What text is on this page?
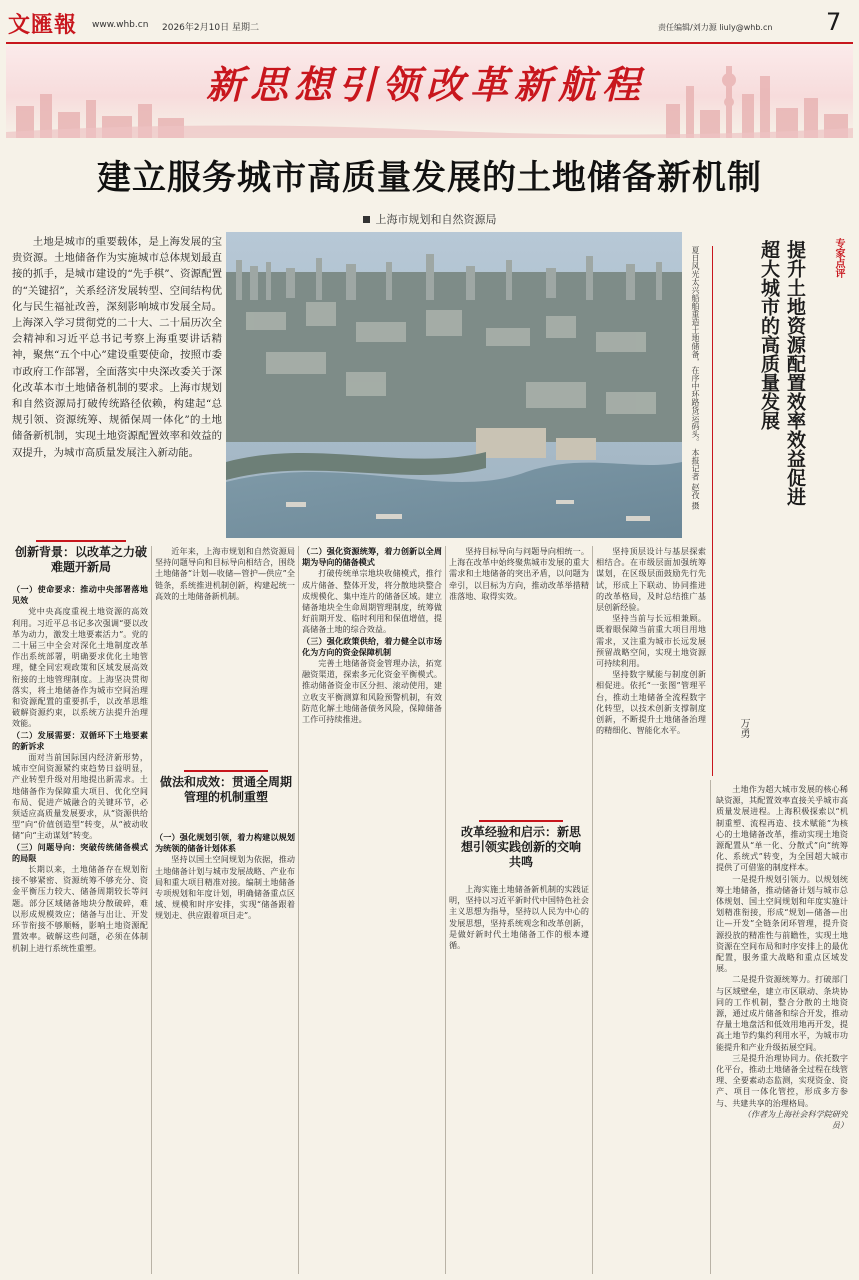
文匯報 www.whb.cn 2026年2月10日 星期二	责任编辑/刘力源 liuly@whb.cn 7
新思想引领改革新航程
建立服务城市高质量发展的土地储备新机制
上海市规划和自然资源局

土地是城市的重要载体，是上海发展的宝贵资源。土地储备作为实施城市总体规划最直接的抓手，是城市建设的“先手棋”、资源配置的“关键招”，关系经济发展转型、空间结构优化与民生福祉改善，深刻影响城市发展全局。上海深入学习贯彻党的二十大、二十届历次全会精神和习近平总书记考察上海重要讲话精神，聚焦“五个中心”建设重要使命，按照市委市政府工作部署，全面落实中央深改委关于深化改革本市土地储备机制的要求。上海市规划和自然资源局打破传统路径依赖，构建起“总规引领、资源统筹、规循保周一体化”的土地储备新机制，实现土地资源配置效率和效益的双提升，为城市高质量发展注入新动能。	夏日风光太兴船舶重造土地储备，在序中环路货运码头。 本报记者 赵孜 摄	专家点评
提升土地资源配置效率效益促进超大城市的高质量发展
万勇
创新背景：以改革之力破难题开新局

（一）使命要求：推动中央部署落地见效

党中央高度重视土地资源的高效利用。习近平总书记多次强调“要以改革为动力，激发土地要素活力”。党的二十届三中全会对深化土地制度改革作出系统部署，明确要求优化土地管理，健全同宏观政策和区域发展高效衔接的土地管理制度。上海坚决贯彻落实，将土地储备作为城市空间治理和资源配置的重要抓手，以改革思维破解资源约束，以系统方法提升治理效能。

（二）发展需要：双循环下土地要素的新诉求

面对当前国际国内经济新形势，城市空间资源紧约束趋势日益明显，产业转型升级对用地提出新需求。土地储备作为保障重大项目、优化空间布局、促进产城融合的关键环节，必须适应高质量发展要求，从“资源供给型”向“价值创造型”转变，从“被动收储”向“主动谋划”转变。

（三）问题导向：突破传统储备模式的局限

长期以来，土地储备存在规划衔接不够紧密、资源统筹不够充分、资金平衡压力较大、储备周期较长等问题。部分区域储备地块分散破碎，难以形成规模效应；储备与出让、开发环节衔接不够顺畅，影响土地资源配置效率。破解这些问题，必须在体制机制上进行系统性重塑。

近年来，上海市规划和自然资源局坚持问题导向和目标导向相结合，围绕土地储备“计划—收储—管护—供应”全链条，系统推进机制创新，构建起统一高效的土地储备新机制。

做法和成效：贯通全周期管理的机制重塑

（一）强化规划引领，着力构建以规划为统领的储备计划体系

坚持以国土空间规划为依据，推动土地储备计划与城市发展战略、产业布局和重大项目精准对接。编制土地储备专项规划和年度计划，明确储备重点区域、规模和时序安排，实现“储备跟着规划走、供应跟着项目走”。

（二）强化资源统筹，着力创新以全周期为导向的储备模式

打破传统单宗地块收储模式，推行成片储备、整体开发，将分散地块整合成规模化、集中连片的储备区域。建立储备地块全生命周期管理制度，统筹做好前期开发、临时利用和保值增值，提高储备土地的综合效益。

（三）强化政策供给，着力健全以市场化为方向的资金保障机制

完善土地储备资金管理办法，拓宽融资渠道，探索多元化资金平衡模式。推动储备资金市区分担、滚动使用，建立收支平衡测算和风险预警机制，有效防范化解土地储备债务风险，保障储备工作可持续推进。

坚持目标导向与问题导向相统一。上海在改革中始终聚焦城市发展的重大需求和土地储备的突出矛盾，以问题为牵引，以目标为方向，推动改革举措精准落地、取得实效。

改革经验和启示：新思想引领实践创新的交响共鸣

上海实施土地储备新机制的实践证明，坚持以习近平新时代中国特色社会主义思想为指导，坚持以人民为中心的发展思想，坚持系统观念和改革创新，是做好新时代土地储备工作的根本遵循。

坚持顶层设计与基层探索相结合。在市级层面加强统筹谋划，在区级层面鼓励先行先试，形成上下联动、协同推进的改革格局，及时总结推广基层创新经验。

坚持当前与长远相兼顾。既着眼保障当前重大项目用地需求，又注重为城市长远发展预留战略空间，实现土地资源可持续利用。

坚持数字赋能与制度创新相促进。依托“一张图”管理平台，推动土地储备全流程数字化转型，以技术创新支撑制度创新，不断提升土地储备治理的精细化、智能化水平。

土地作为超大城市发展的核心稀缺资源，其配置效率直接关乎城市高质量发展进程。上海积极探索以“机制重塑、流程再造、技术赋能”为核心的土地储备改革，推动实现土地资源配置从“单一化、分散式”向“统筹化、系统式”转变，为全国超大城市提供了可借鉴的制度样本。

一是提升规划引领力。以规划统筹土地储备，推动储备计划与城市总体规划、国土空间规划和年度实施计划精准衔接，形成“规划—储备—出让—开发”全链条闭环管理，提升资源投放的精准性与前瞻性，实现土地资源在空间布局和时序安排上的最优配置，服务重大战略和重点区域发展。

二是提升资源统筹力。打破部门与区域壁垒，建立市区联动、条块协同的工作机制，整合分散的土地资源，通过成片储备和综合开发，推动存量土地盘活和低效用地再开发，提高土地节约集约利用水平，为城市功能提升和产业升级拓展空间。

三是提升治理协同力。依托数字化平台，推动土地储备全过程在线管理、全要素动态监测，实现资金、资产、项目一体化管控，形成多方参与、共建共享的治理格局。

（作者为上海社会科学院研究员）
